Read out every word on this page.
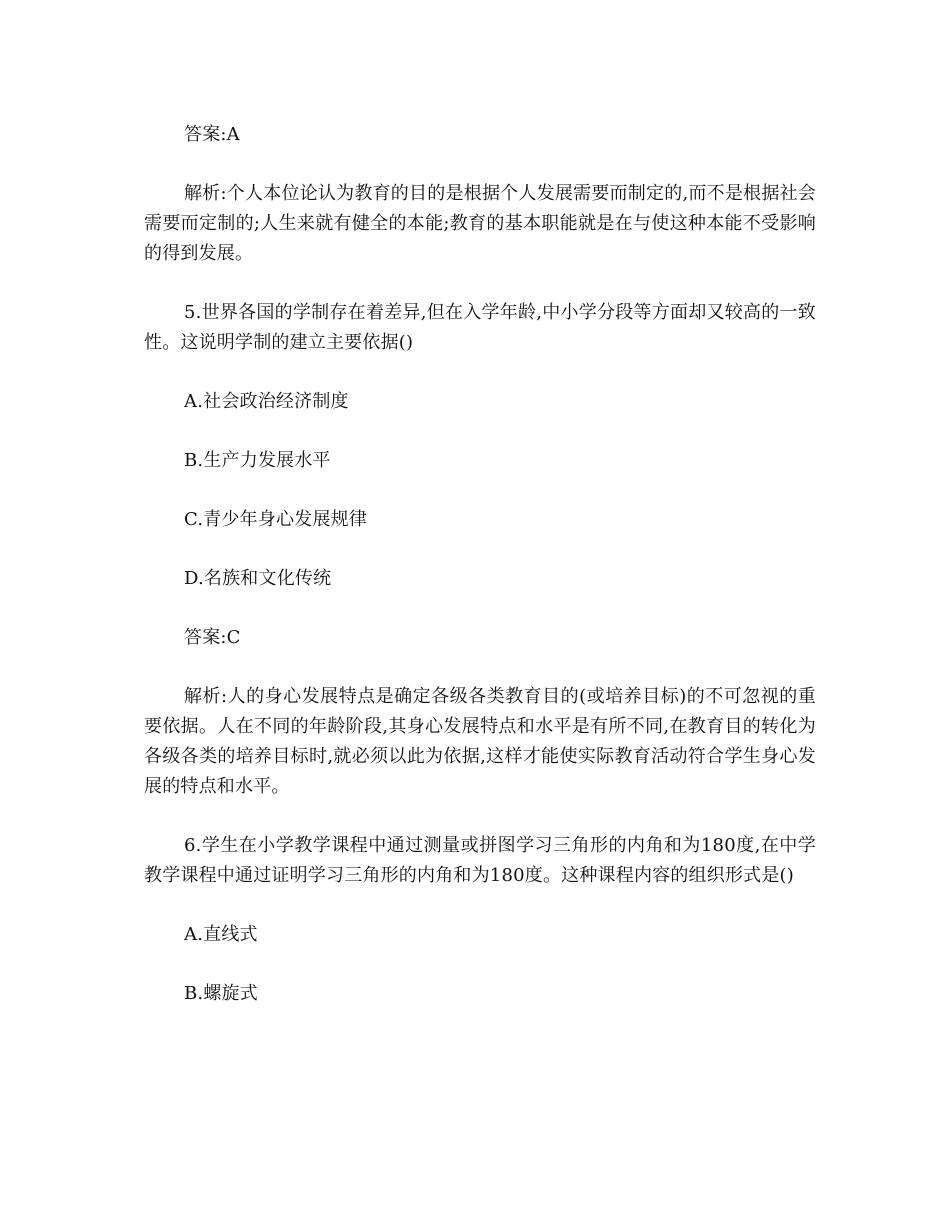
答案:A

解析:个人本位论认为教育的目的是根据个人发展需要而制定的,而不是根据社会需要而定制的;人生来就有健全的本能;教育的基本职能就是在与使这种本能不受影响的得到发展。

5.世界各国的学制存在着差异,但在入学年龄,中小学分段等方面却又较高的一致性。这说明学制的建立主要依据()

A.社会政治经济制度

B.生产力发展水平

C.青少年身心发展规律

D.名族和文化传统

答案:C

解析:人的身心发展特点是确定各级各类教育目的(或培养目标)的不可忽视的重要依据。人在不同的年龄阶段,其身心发展特点和水平是有所不同,在教育目的转化为各级各类的培养目标时,就必须以此为依据,这样才能使实际教育活动符合学生身心发展的特点和水平。

6.学生在小学教学课程中通过测量或拼图学习三角形的内角和为180度,在中学教学课程中通过证明学习三角形的内角和为180度。这种课程内容的组织形式是()

A.直线式

B.螺旋式
